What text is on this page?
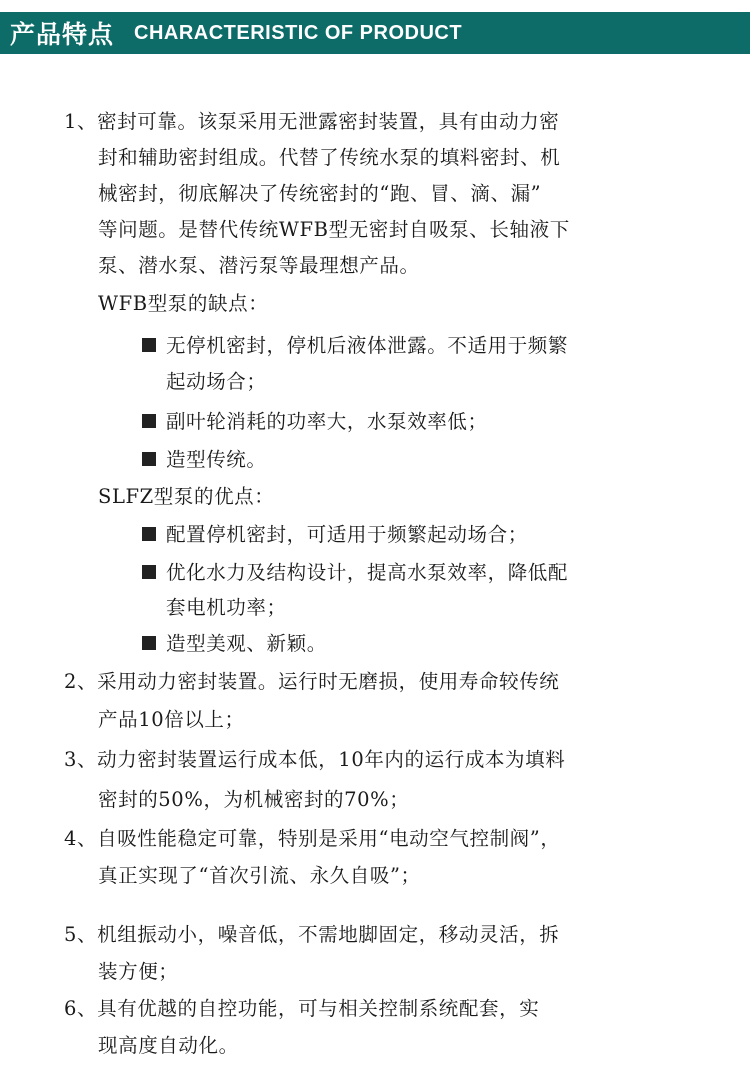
产品特点 CHARACTERISTIC OF PRODUCT
1、密封可靠。该泵采用无泄露密封装置，具有由动力密
封和辅助密封组成。代替了传统水泵的填料密封、机
械密封，彻底解决了传统密封的“跑、冒、滴、漏”
等问题。是替代传统WFB型无密封自吸泵、长轴液下
泵、潜水泵、潜污泵等最理想产品。
WFB型泵的缺点：
无停机密封，停机后液体泄露。不适用于频繁
起动场合；
副叶轮消耗的功率大，水泵效率低；
造型传统。
SLFZ型泵的优点：
配置停机密封，可适用于频繁起动场合；
优化水力及结构设计，提高水泵效率，降低配
套电机功率；
造型美观、新颖。
2、采用动力密封装置。运行时无磨损，使用寿命较传统
产品10倍以上；
3、动力密封装置运行成本低，10年内的运行成本为填料
密封的50%，为机械密封的70%；
4、自吸性能稳定可靠，特别是采用“电动空气控制阀”，
真正实现了“首次引流、永久自吸”；
5、机组振动小，噪音低，不需地脚固定，移动灵活，拆
装方便；
6、具有优越的自控功能，可与相关控制系统配套，实
现高度自动化。
